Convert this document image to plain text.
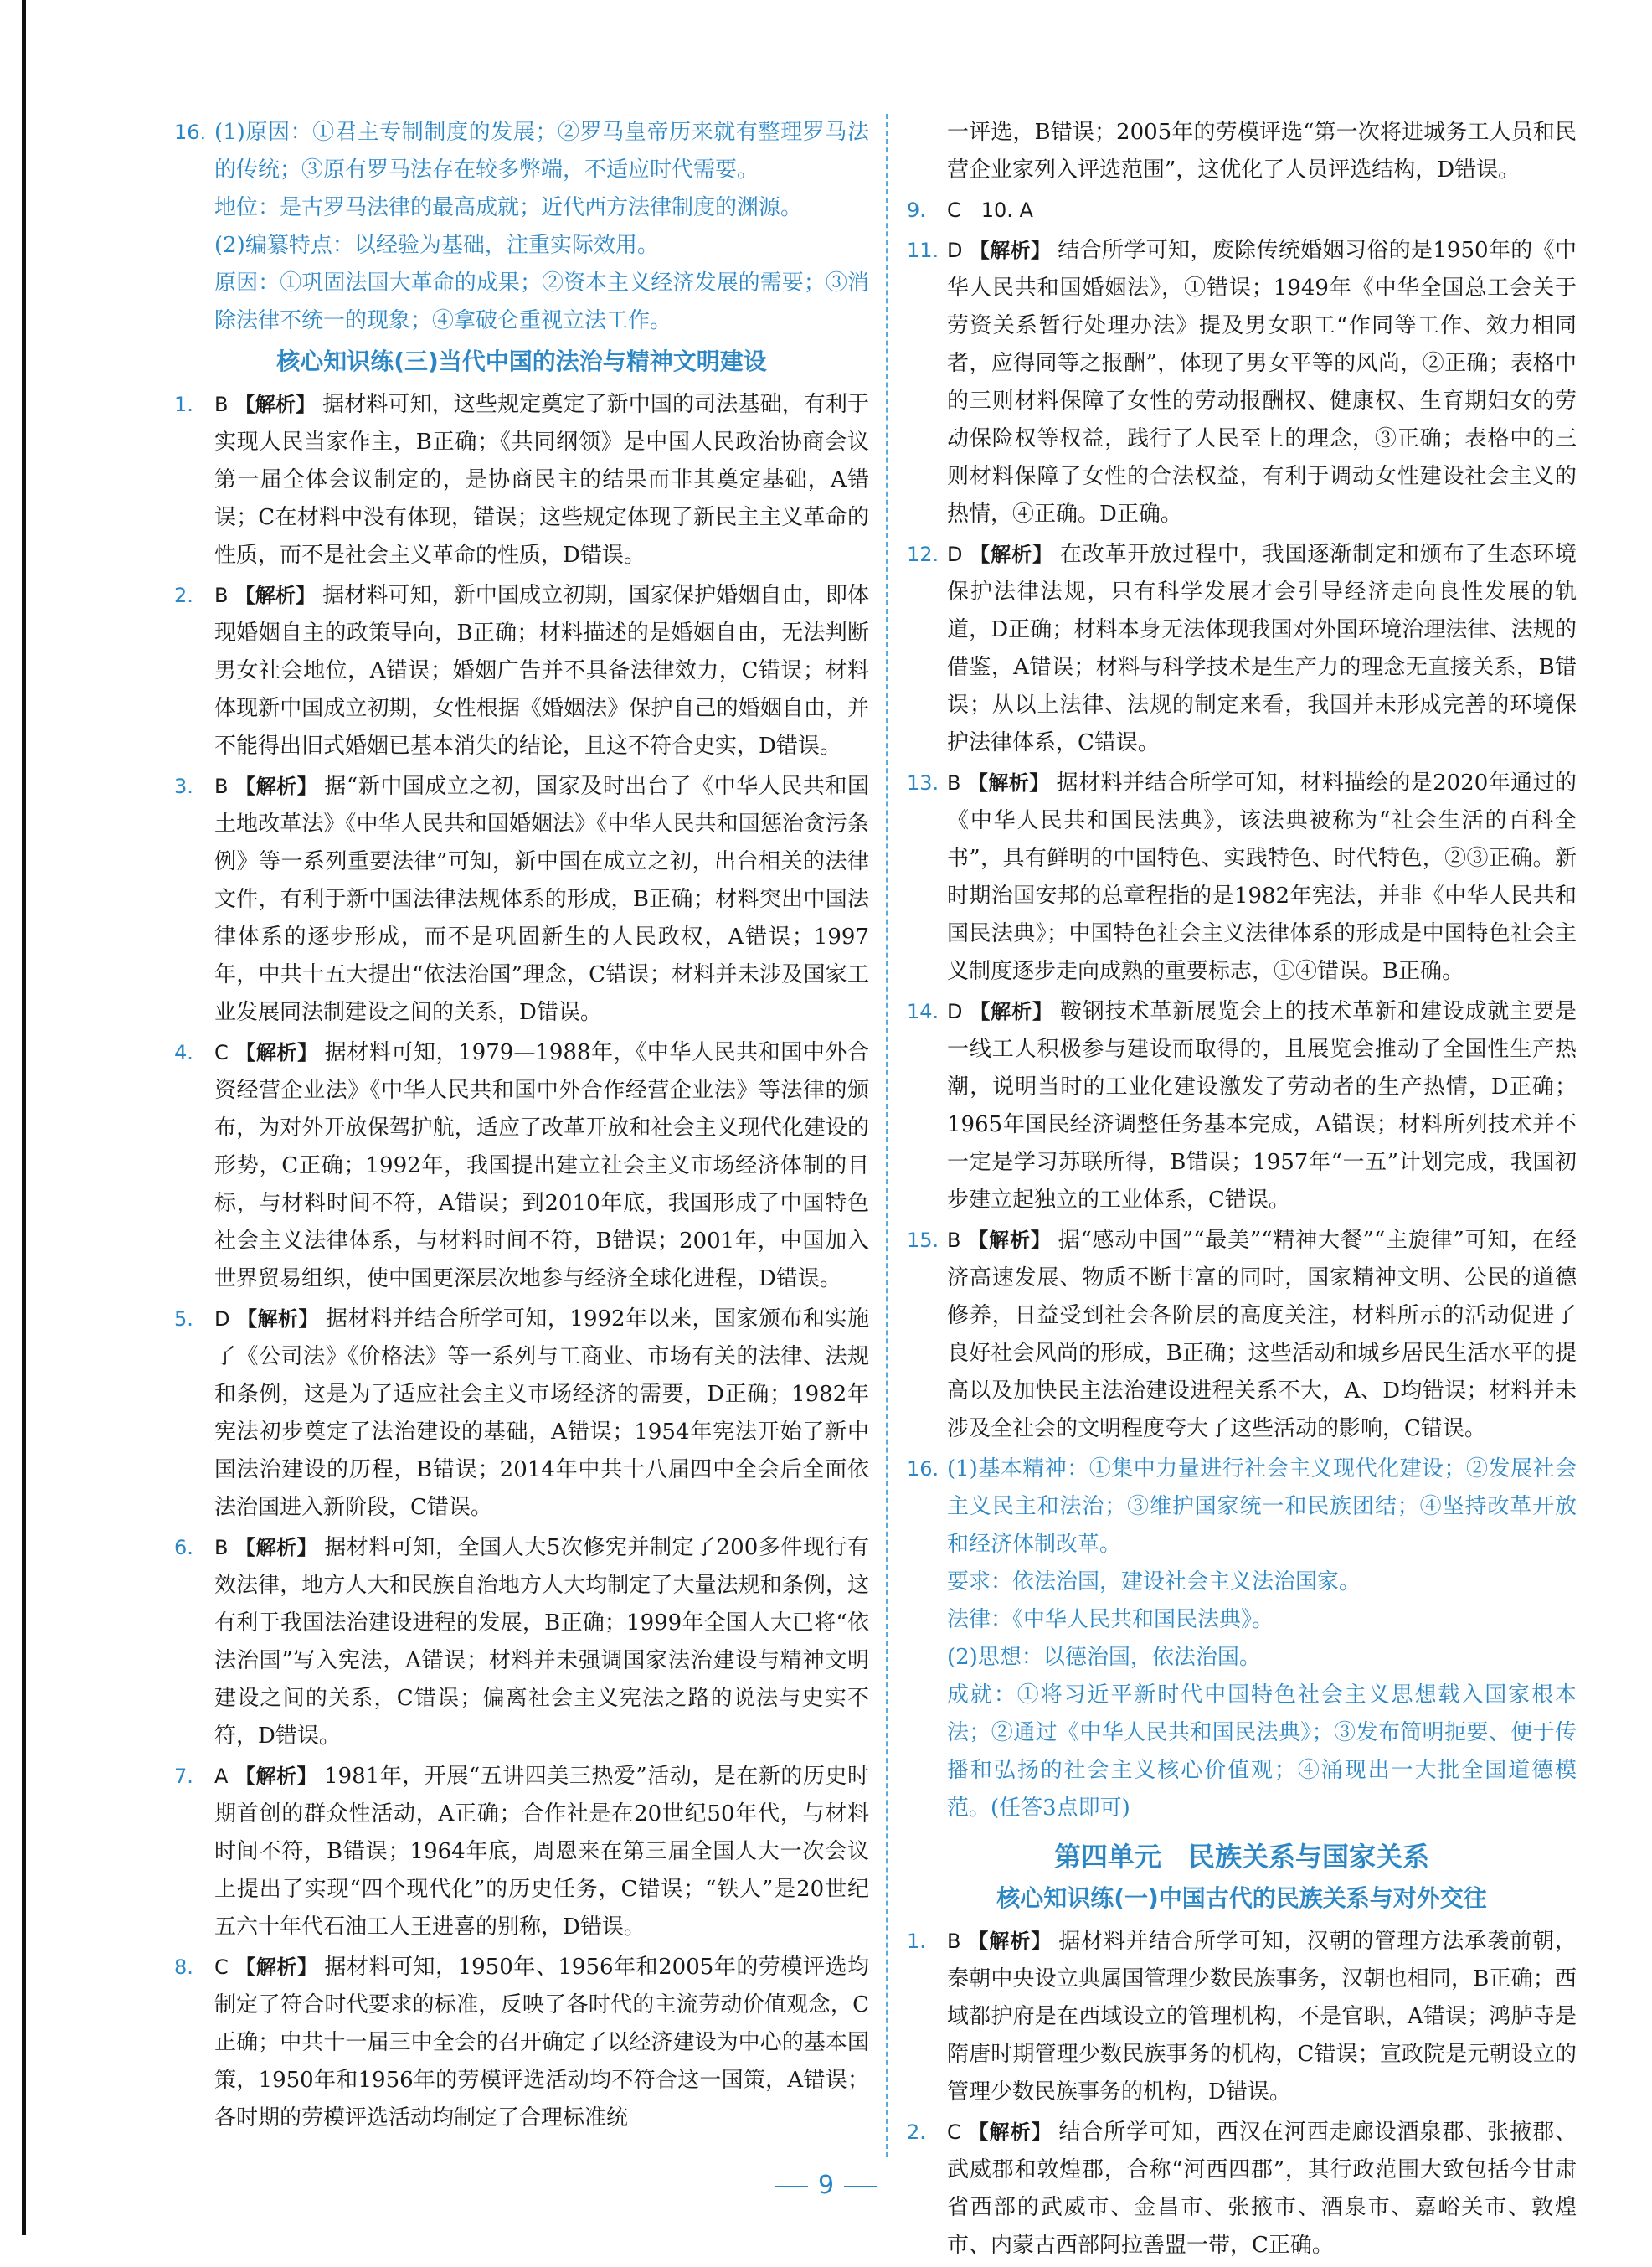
16. (1)原因：①君主专制制度的发展；②罗马皇帝历来就有整理罗马法的传统；③原有罗马法存在较多弊端，不适应时代需要。
地位：是古罗马法律的最高成就；近代西方法律制度的渊源。
(2)编纂特点：以经验为基础，注重实际效用。
原因：①巩固法国大革命的成果；②资本主义经济发展的需要；③消除法律不统一的现象；④拿破仑重视立法工作。
核心知识练(三)当代中国的法治与精神文明建设
1. B 【解析】 据材料可知，这些规定奠定了新中国的司法基础，有利于实现人民当家作主，B正确；《共同纲领》是中国人民政治协商会议第一届全体会议制定的，是协商民主的结果而非其奠定基础，A错误；C在材料中没有体现，错误；这些规定体现了新民主主义革命的性质，而不是社会主义革命的性质，D错误。
2. B 【解析】 据材料可知，新中国成立初期，国家保护婚姻自由，即体现婚姻自主的政策导向，B正确；材料描述的是婚姻自由，无法判断男女社会地位，A错误；婚姻广告并不具备法律效力，C错误；材料体现新中国成立初期，女性根据《婚姻法》保护自己的婚姻自由，并不能得出旧式婚姻已基本消失的结论，且这不符合史实，D错误。
3. B 【解析】 据“新中国成立之初，国家及时出台了《中华人民共和国土地改革法》《中华人民共和国婚姻法》《中华人民共和国惩治贪污条例》等一系列重要法律”可知，新中国在成立之初，出台相关的法律文件，有利于新中国法律法规体系的形成，B正确；材料突出中国法律体系的逐步形成，而不是巩固新生的人民政权，A错误；1997年，中共十五大提出“依法治国”理念，C错误；材料并未涉及国家工业发展同法制建设之间的关系，D错误。
4. C 【解析】 据材料可知，1979—1988年，《中华人民共和国中外合资经营企业法》《中华人民共和国中外合作经营企业法》等法律的颁布，为对外开放保驾护航，适应了改革开放和社会主义现代化建设的形势，C正确；1992年，我国提出建立社会主义市场经济体制的目标，与材料时间不符，A错误；到2010年底，我国形成了中国特色社会主义法律体系，与材料时间不符，B错误；2001年，中国加入世界贸易组织，使中国更深层次地参与经济全球化进程，D错误。
5. D 【解析】 据材料并结合所学可知，1992年以来，国家颁布和实施了《公司法》《价格法》等一系列与工商业、市场有关的法律、法规和条例，这是为了适应社会主义市场经济的需要，D正确；1982年宪法初步奠定了法治建设的基础，A错误；1954年宪法开始了新中国法治建设的历程，B错误；2014年中共十八届四中全会后全面依法治国进入新阶段，C错误。
6. B 【解析】 据材料可知，全国人大5次修宪并制定了200多件现行有效法律，地方人大和民族自治地方人大均制定了大量法规和条例，这有利于我国法治建设进程的发展，B正确；1999年全国人大已将“依法治国”写入宪法，A错误；材料并未强调国家法治建设与精神文明建设之间的关系，C错误；偏离社会主义宪法之路的说法与史实不符，D错误。
7. A 【解析】 1981年，开展“五讲四美三热爱”活动，是在新的历史时期首创的群众性活动，A正确；合作社是在20世纪50年代，与材料时间不符，B错误；1964年底，周恩来在第三届全国人大一次会议上提出了实现“四个现代化”的历史任务，C错误；“铁人”是20世纪五六十年代石油工人王进喜的别称，D错误。
8. C 【解析】 据材料可知，1950年、1956年和2005年的劳模评选均制定了符合时代要求的标准，反映了各时代的主流劳动价值观念，C正确；中共十一届三中全会的召开确定了以经济建设为中心的基本国策，1950年和1956年的劳模评选活动均不符合这一国策，A错误；各时期的劳模评选活动均制定了合理标准统
一评选，B错误；2005年的劳模评选“第一次将进城务工人员和民营企业家列入评选范围”，这优化了人员评选结构，D错误。
9. C　10. A
11. D 【解析】 结合所学可知，废除传统婚姻习俗的是1950年的《中华人民共和国婚姻法》，①错误；1949年《中华全国总工会关于劳资关系暂行处理办法》提及男女职工“作同等工作、效力相同者，应得同等之报酬”，体现了男女平等的风尚，②正确；表格中的三则材料保障了女性的劳动报酬权、健康权、生育期妇女的劳动保险权等权益，践行了人民至上的理念，③正确；表格中的三则材料保障了女性的合法权益，有利于调动女性建设社会主义的热情，④正确。D正确。
12. D 【解析】 在改革开放过程中，我国逐渐制定和颁布了生态环境保护法律法规，只有科学发展才会引导经济走向良性发展的轨道，D正确；材料本身无法体现我国对外国环境治理法律、法规的借鉴，A错误；材料与科学技术是生产力的理念无直接关系，B错误；从以上法律、法规的制定来看，我国并未形成完善的环境保护法律体系，C错误。
13. B 【解析】 据材料并结合所学可知，材料描绘的是2020年通过的《中华人民共和国民法典》，该法典被称为“社会生活的百科全书”，具有鲜明的中国特色、实践特色、时代特色，②③正确。新时期治国安邦的总章程指的是1982年宪法，并非《中华人民共和国民法典》；中国特色社会主义法律体系的形成是中国特色社会主义制度逐步走向成熟的重要标志，①④错误。B正确。
14. D 【解析】 鞍钢技术革新展览会上的技术革新和建设成就主要是一线工人积极参与建设而取得的，且展览会推动了全国性生产热潮，说明当时的工业化建设激发了劳动者的生产热情，D正确；1965年国民经济调整任务基本完成，A错误；材料所列技术并不一定是学习苏联所得，B错误；1957年“一五”计划完成，我国初步建立起独立的工业体系，C错误。
15. B 【解析】 据“感动中国”“最美”“精神大餐”“主旋律”可知，在经济高速发展、物质不断丰富的同时，国家精神文明、公民的道德修养，日益受到社会各阶层的高度关注，材料所示的活动促进了良好社会风尚的形成，B正确；这些活动和城乡居民生活水平的提高以及加快民主法治建设进程关系不大，A、D均错误；材料并未涉及全社会的文明程度夸大了这些活动的影响，C错误。
16. (1)基本精神：①集中力量进行社会主义现代化建设；②发展社会主义民主和法治；③维护国家统一和民族团结；④坚持改革开放和经济体制改革。
要求：依法治国，建设社会主义法治国家。
法律：《中华人民共和国民法典》。
(2)思想：以德治国，依法治国。
成就：①将习近平新时代中国特色社会主义思想载入国家根本法；②通过《中华人民共和国民法典》；③发布简明扼要、便于传播和弘扬的社会主义核心价值观；④涌现出一大批全国道德模范。(任答3点即可)
第四单元　民族关系与国家关系
核心知识练(一)中国古代的民族关系与对外交往
1. B 【解析】 据材料并结合所学可知，汉朝的管理方法承袭前朝，秦朝中央设立典属国管理少数民族事务，汉朝也相同，B正确；西域都护府是在西域设立的管理机构，不是官职，A错误；鸿胪寺是隋唐时期管理少数民族事务的机构，C错误；宣政院是元朝设立的管理少数民族事务的机构，D错误。
2. C 【解析】 结合所学可知，西汉在河西走廊设酒泉郡、张掖郡、武威郡和敦煌郡，合称“河西四郡”，其行政范围大致包括今甘肃省西部的武威市、金昌市、张掖市、酒泉市、嘉峪关市、敦煌市、内蒙古西部阿拉善盟一带，C正确。
9
